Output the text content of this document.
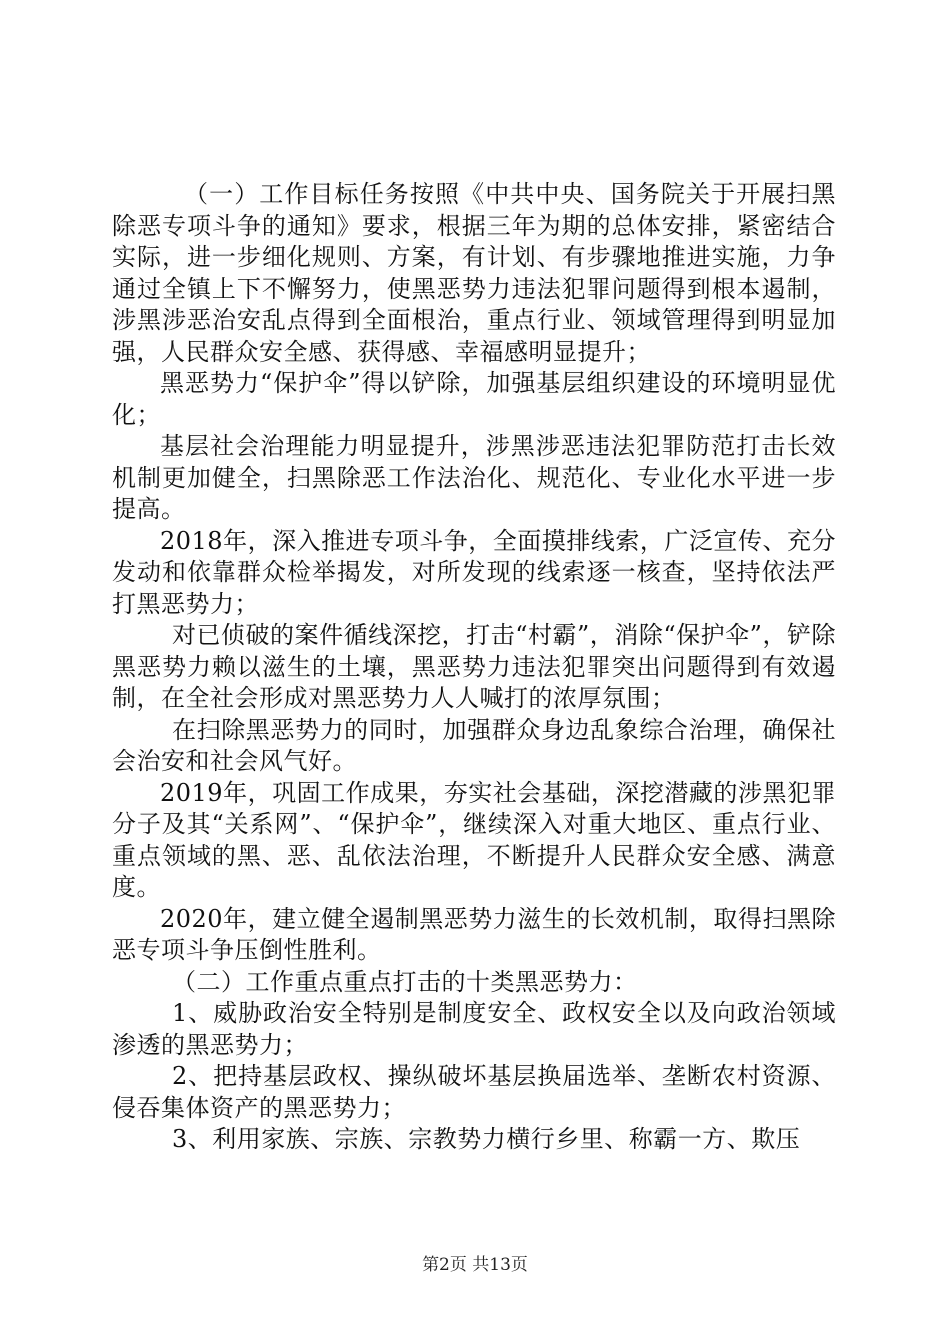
（一）工作目标任务按照《中共中央、国务院关于开展扫黑除恶专项斗争的通知》要求，根据三年为期的总体安排，紧密结合实际，进一步细化规则、方案，有计划、有步骤地推进实施，力争通过全镇上下不懈努力，使黑恶势力违法犯罪问题得到根本遏制，涉黑涉恶治安乱点得到全面根治，重点行业、领域管理得到明显加强，人民群众安全感、获得感、幸福感明显提升；

黑恶势力“保护伞”得以铲除，加强基层组织建设的环境明显优化；

基层社会治理能力明显提升，涉黑涉恶违法犯罪防范打击长效机制更加健全，扫黑除恶工作法治化、规范化、专业化水平进一步提高。

2018年，深入推进专项斗争，全面摸排线索，广泛宣传、充分发动和依靠群众检举揭发，对所发现的线索逐一核查，坚持依法严打黑恶势力；

对已侦破的案件循线深挖，打击“村霸”，消除“保护伞”，铲除黑恶势力赖以滋生的土壤，黑恶势力违法犯罪突出问题得到有效遏制，在全社会形成对黑恶势力人人喊打的浓厚氛围；

在扫除黑恶势力的同时，加强群众身边乱象综合治理，确保社会治安和社会风气好。

2019年，巩固工作成果，夯实社会基础，深挖潜藏的涉黑犯罪分子及其“关系网”、“保护伞”，继续深入对重大地区、重点行业、重点领域的黑、恶、乱依法治理，不断提升人民群众安全感、满意度。

2020年，建立健全遏制黑恶势力滋生的长效机制，取得扫黑除恶专项斗争压倒性胜利。

（二）工作重点重点打击的十类黑恶势力：

1、威胁政治安全特别是制度安全、政权安全以及向政治领域渗透的黑恶势力；

2、把持基层政权、操纵破坏基层换届选举、垄断农村资源、侵吞集体资产的黑恶势力；

3、利用家族、宗族、宗教势力横行乡里、称霸一方、欺压

第2页 共13页
